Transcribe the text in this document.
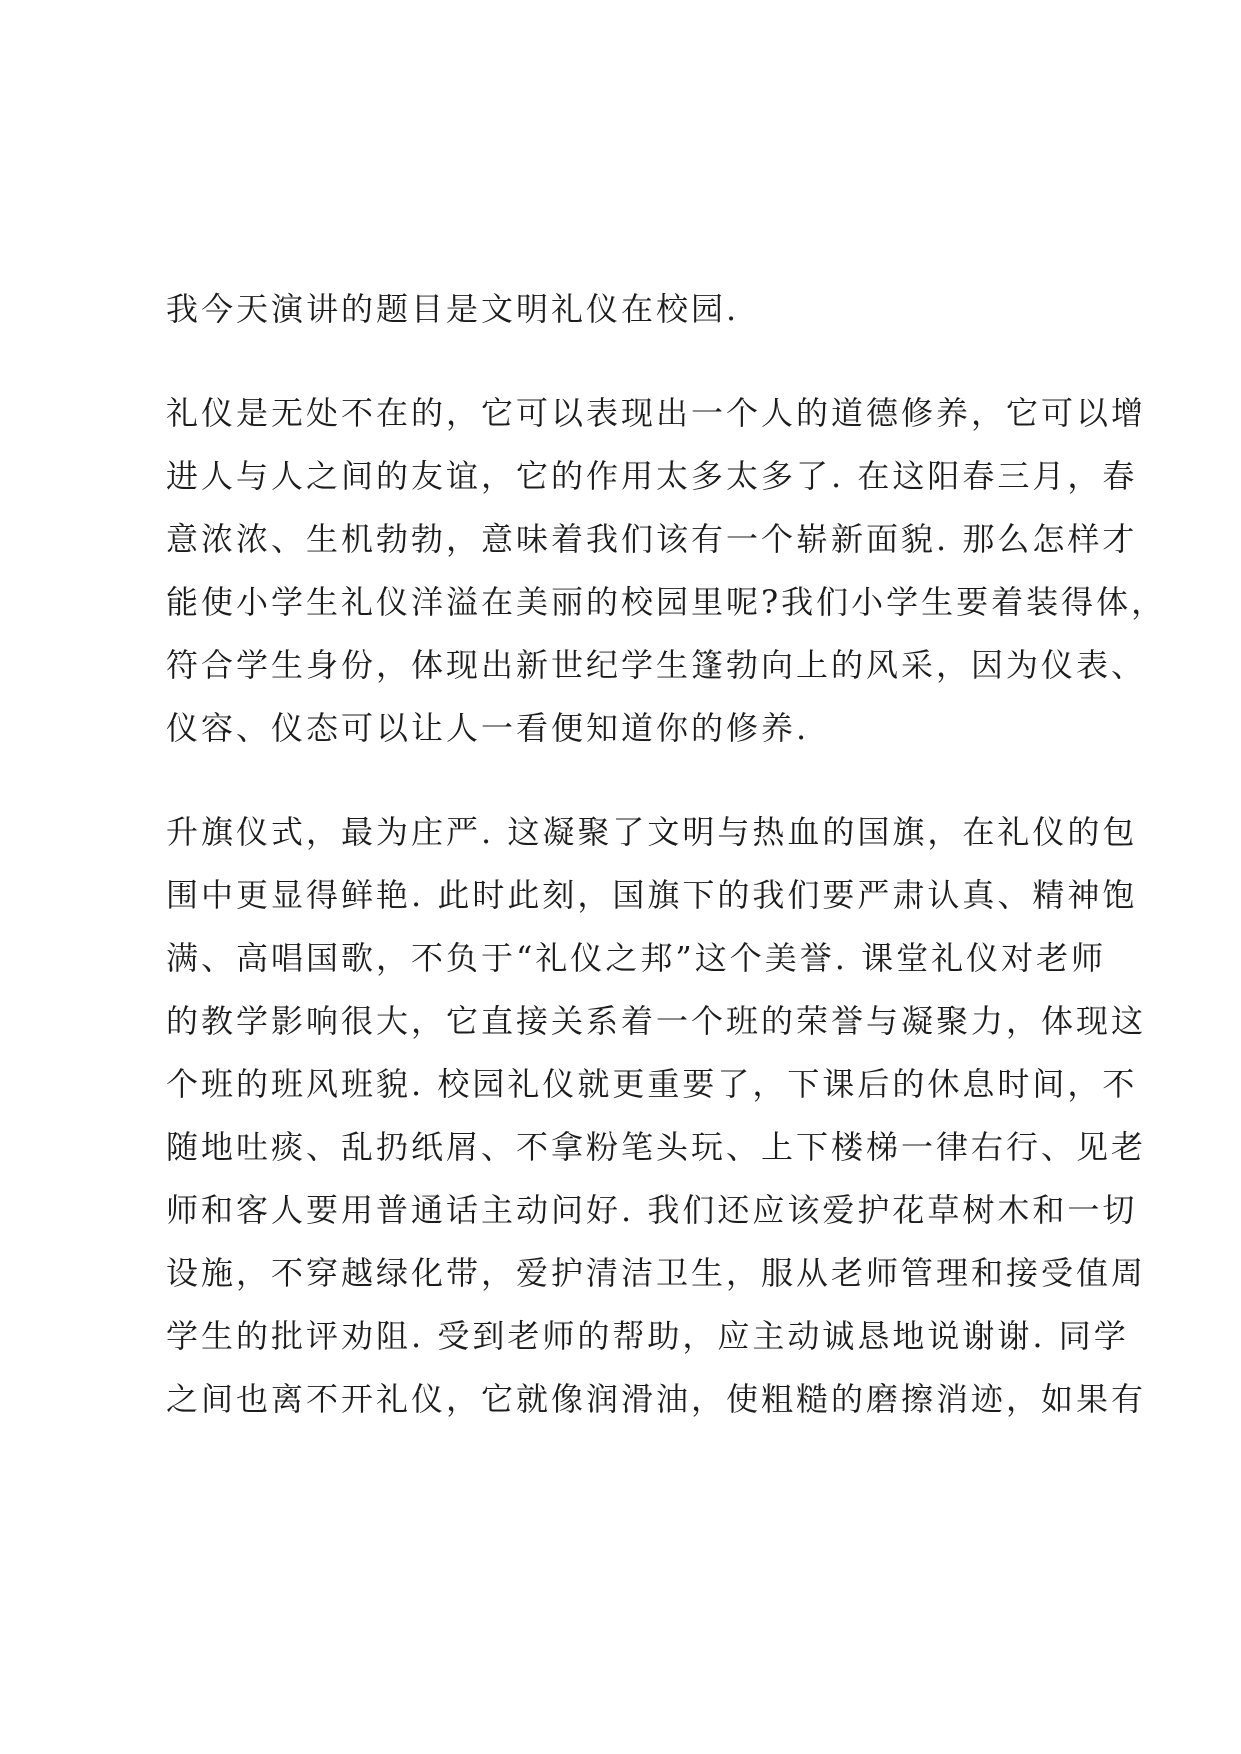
我今天演讲的题目是文明礼仪在校园.
礼仪是无处不在的，它可以表现出一个人的道德修养，它可以增
进人与人之间的友谊，它的作用太多太多了. 在这阳春三月，春
意浓浓、生机勃勃，意味着我们该有一个崭新面貌. 那么怎样才
能使小学生礼仪洋溢在美丽的校园里呢?我们小学生要着装得体，
符合学生身份，体现出新世纪学生篷勃向上的风采，因为仪表、
仪容、仪态可以让人一看便知道你的修养.
升旗仪式，最为庄严. 这凝聚了文明与热血的国旗，在礼仪的包
围中更显得鲜艳. 此时此刻，国旗下的我们要严肃认真、精神饱
满、高唱国歌，不负于“礼仪之邦”这个美誉. 课堂礼仪对老师
的教学影响很大，它直接关系着一个班的荣誉与凝聚力，体现这
个班的班风班貌. 校园礼仪就更重要了，下课后的休息时间，不
随地吐痰、乱扔纸屑、不拿粉笔头玩、上下楼梯一律右行、见老
师和客人要用普通话主动问好. 我们还应该爱护花草树木和一切
设施，不穿越绿化带，爱护清洁卫生，服从老师管理和接受值周
学生的批评劝阻. 受到老师的帮助，应主动诚恳地说谢谢. 同学
之间也离不开礼仪，它就像润滑油，使粗糙的磨擦消迹，如果有
